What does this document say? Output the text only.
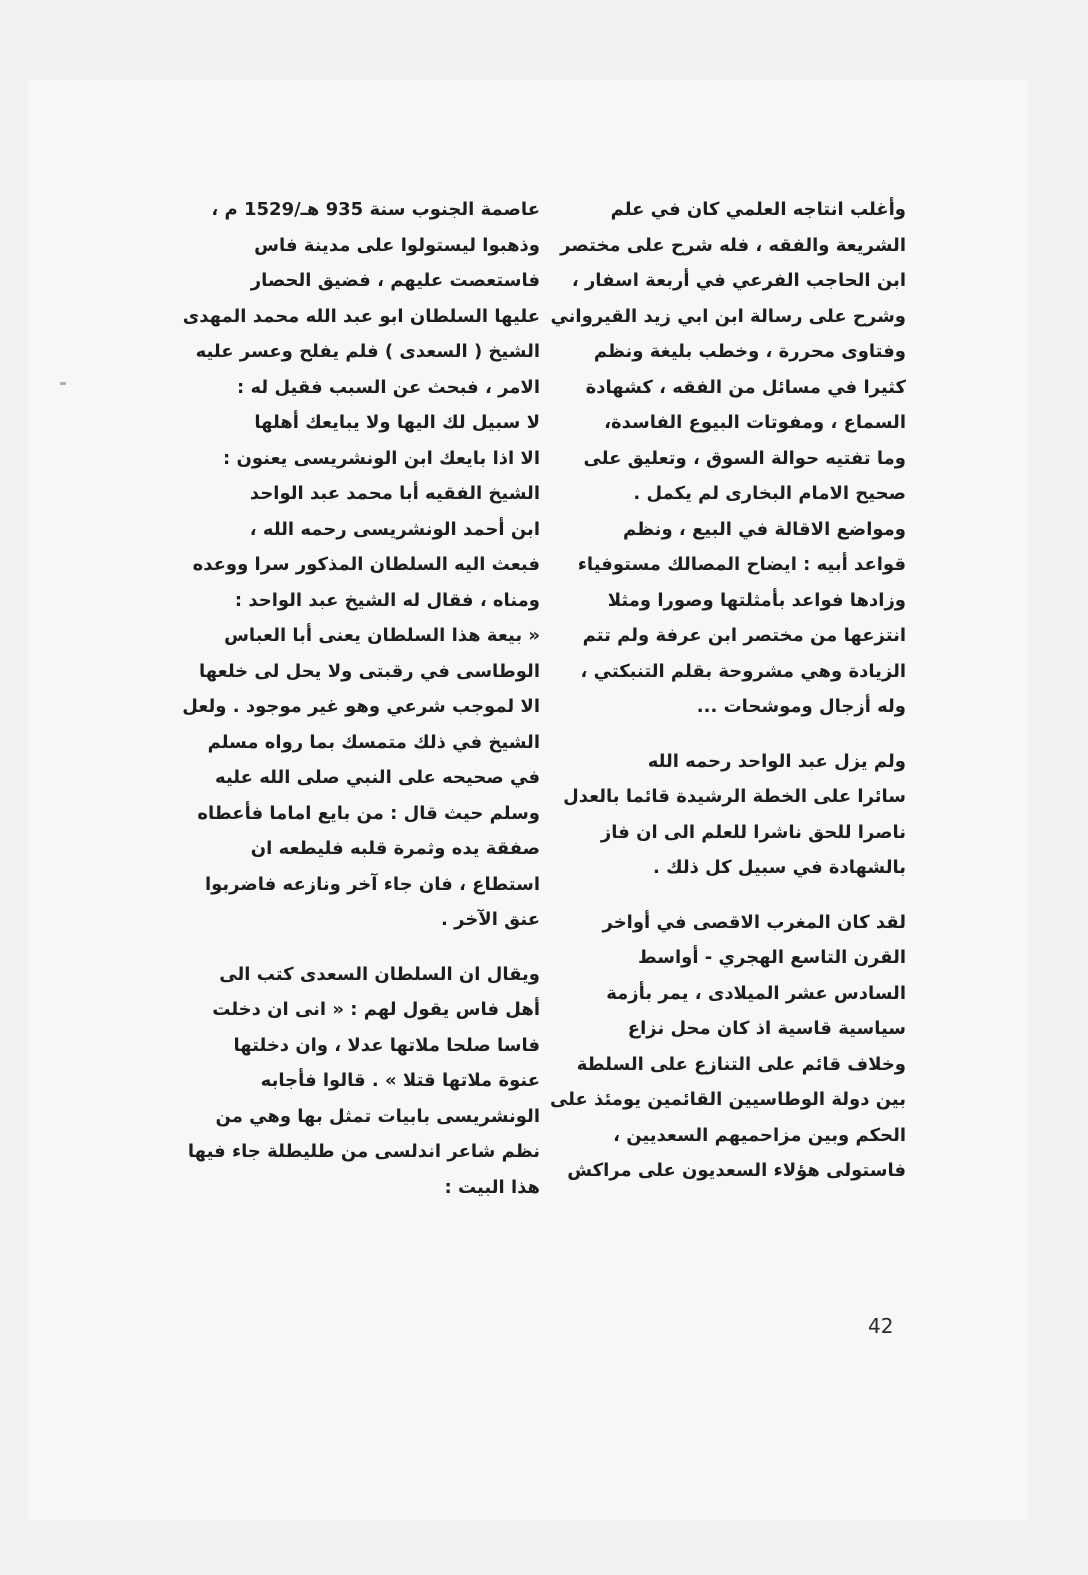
وأغلب انتاجه العلمي كان في علم
الشريعة والفقه ، فله شرح على مختصر
ابن الحاجب الفرعي في أربعة اسفار ،
وشرح على رسالة ابن ابي زيد القيرواني
وفتاوى محررة ، وخطب بليغة ونظم
كثيرا في مسائل من الفقه ، كشهادة
السماع ، ومفوتات البيوع الفاسدة،
وما تفتيه حوالة السوق ، وتعليق على
صحيح الامام البخارى لم يكمل .
ومواضع الاقالة في البيع ، ونظم
قواعد أبيه : ايضاح المصالك مستوفياء
وزادها فواعد بأمثلتها وصورا ومثلا
انتزعها من مختصر ابن عرفة ولم تتم
الزيادة وهي مشروحة بقلم التنبكتي ،
وله أزجال وموشحات ...
ولم يزل عبد الواحد رحمه الله
سائرا على الخطة الرشيدة قائما بالعدل
ناصرا للحق ناشرا للعلم الى ان فاز
بالشهادة في سبيل كل ذلك .
لقد كان المغرب الاقصى في أواخر
القرن التاسع الهجري - أواسط
السادس عشر الميلادى ، يمر بأزمة
سياسية قاسية اذ كان محل نزاع
وخلاف قائم على التنازع على السلطة
بين دولة الوطاسيين القائمين يومئذ على
الحكم وبين مزاحميهم السعديين ،
فاستولى هؤلاء السعديون على مراكش
عاصمة الجنوب سنة 935 هـ/1529 م ،
وذهبوا ليستولوا على مدينة فاس
فاستعصت عليهم ، فضيق الحصار
عليها السلطان ابو عبد الله محمد المهدى
الشيخ ( السعدى ) فلم يفلح وعسر عليه
الامر ، فبحث عن السبب فقيل له :
لا سبيل لك اليها ولا يبايعك أهلها
الا اذا بايعك ابن الونشريسى يعنون :
الشيخ الفقيه أبا محمد عبد الواحد
ابن أحمد الونشريسى رحمه الله ،
فبعث اليه السلطان المذكور سرا ووعده
ومناه ، فقال له الشيخ عبد الواحد :
« بيعة هذا السلطان يعنى أبا العباس
الوطاسى في رقبتى ولا يحل لى خلعها
الا لموجب شرعي وهو غير موجود . ولعل
الشيخ في ذلك متمسك بما رواه مسلم
في صحيحه على النبي صلى الله عليه
وسلم حيث قال : من بايع اماما فأعطاه
صفقة يده وثمرة قلبه فليطعه ان
استطاع ، فان جاء آخر ونازعه فاضربوا
عنق الآخر .
ويقال ان السلطان السعدى كتب الى
أهل فاس يقول لهم : « انى ان دخلت
فاسا صلحا ملاتها عدلا ، وان دخلتها
عنوة ملاتها قتلا » . قالوا فأجابه
الونشريسى بابيات تمثل بها وهي من
نظم شاعر اندلسى من طليطلة جاء فيها
هذا البيت :
42
